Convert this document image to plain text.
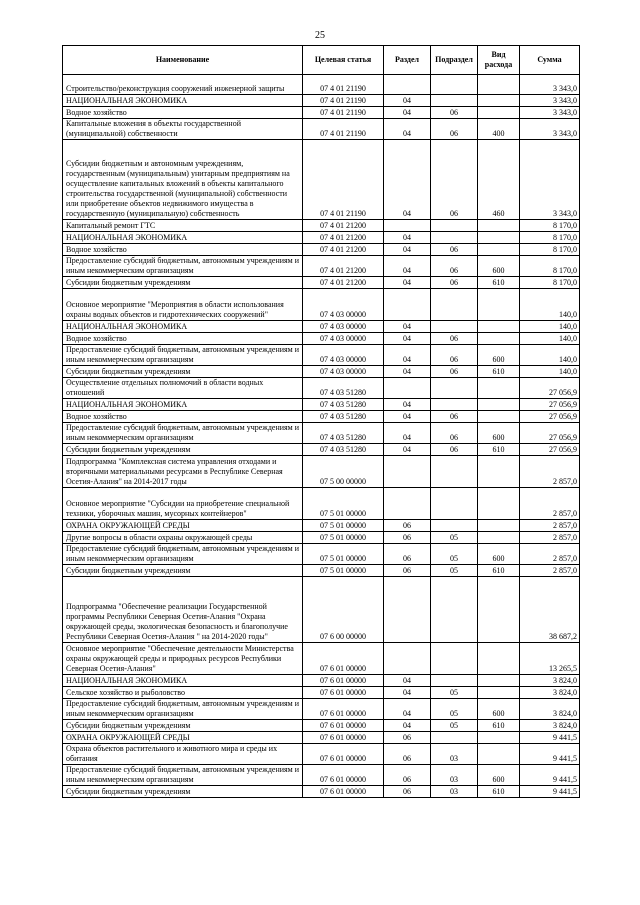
25
Наименование	Целевая статья	Раздел	Подраздел	Вид расхода	Сумма
Строительство/реконструкция сооружений инженерной защиты	07 4 01 21190				3 343,0
НАЦИОНАЛЬНАЯ ЭКОНОМИКА	07 4 01 21190	04			3 343,0
Водное хозяйство	07 4 01 21190	04	06		3 343,0
Капитальные вложения в объекты государственной (муниципальной) собственности	07 4 01 21190	04	06	400	3 343,0
Субсидии бюджетным и автономным учреждениям, государственным (муниципальным) унитарным предприятиям на осуществление капитальных вложений в объекты капитального строительства государственной (муниципальной) собственности или приобретение объектов недвижимого имущества в государственную (муниципальную) собственность	07 4 01 21190	04	06	460	3 343,0
Капитальный ремонт ГТС	07 4 01 21200				8 170,0
НАЦИОНАЛЬНАЯ ЭКОНОМИКА	07 4 01 21200	04			8 170,0
Водное хозяйство	07 4 01 21200	04	06		8 170,0
Предоставление субсидий бюджетным, автономным учреждениям и иным некоммерческим организациям	07 4 01 21200	04	06	600	8 170,0
Субсидии бюджетным учреждениям	07 4 01 21200	04	06	610	8 170,0
Основное мероприятие "Мероприятия в области использования охраны водных объектов и гидротехнических сооружений"	07 4 03 00000				140,0
НАЦИОНАЛЬНАЯ ЭКОНОМИКА	07 4 03 00000	04			140,0
Водное хозяйство	07 4 03 00000	04	06		140,0
Предоставление субсидий бюджетным, автономным учреждениям и иным некоммерческим организациям	07 4 03 00000	04	06	600	140,0
Субсидии бюджетным учреждениям	07 4 03 00000	04	06	610	140,0
Осуществление отдельных полномочий в области водных отношений	07 4 03 51280				27 056,9
НАЦИОНАЛЬНАЯ ЭКОНОМИКА	07 4 03 51280	04			27 056,9
Водное хозяйство	07 4 03 51280	04	06		27 056,9
Предоставление субсидий бюджетным, автономным учреждениям и иным некоммерческим организациям	07 4 03 51280	04	06	600	27 056,9
Субсидии бюджетным учреждениям	07 4 03 51280	04	06	610	27 056,9
Подпрограмма "Комплексная система управления отходами и вторичными материальными ресурсами в Республике Северная Осетия-Алания" на 2014-2017 годы	07 5 00 00000				2 857,0
Основное мероприятие "Субсидии на приобретение специальной техники, уборочных машин, мусорных контейнеров"	07 5 01 00000				2 857,0
ОХРАНА ОКРУЖАЮЩЕЙ СРЕДЫ	07 5 01 00000	06			2 857,0
Другие вопросы в области охраны окружающей среды	07 5 01 00000	06	05		2 857,0
Предоставление субсидий бюджетным, автономным учреждениям и иным некоммерческим организациям	07 5 01 00000	06	05	600	2 857,0
Субсидии бюджетным учреждениям	07 5 01 00000	06	05	610	2 857,0
Подпрограмма "Обеспечение реализации Государственной программы Республики Северная Осетия-Алания "Охрана окружающей среды, экологическая безопасность и благополучие Республики Северная Осетия-Алания " на 2014-2020 годы"	07 6 00 00000				38 687,2
Основное мероприятие "Обеспечение деятельности Министерства охраны окружающей среды и природных ресурсов Республики Северная Осетия-Алания"	07 6 01 00000				13 265,5
НАЦИОНАЛЬНАЯ ЭКОНОМИКА	07 6 01 00000	04			3 824,0
Сельское хозяйство и рыболовство	07 6 01 00000	04	05		3 824,0
Предоставление субсидий бюджетным, автономным учреждениям и иным некоммерческим организациям	07 6 01 00000	04	05	600	3 824,0
Субсидии бюджетным учреждениям	07 6 01 00000	04	05	610	3 824,0
ОХРАНА ОКРУЖАЮЩЕЙ СРЕДЫ	07 6 01 00000	06			9 441,5
Охрана объектов растительного и животного мира и среды их обитания	07 6 01 00000	06	03		9 441,5
Предоставление субсидий бюджетным, автономным учреждениям и иным некоммерческим организациям	07 6 01 00000	06	03	600	9 441,5
Субсидии бюджетным учреждениям	07 6 01 00000	06	03	610	9 441,5
